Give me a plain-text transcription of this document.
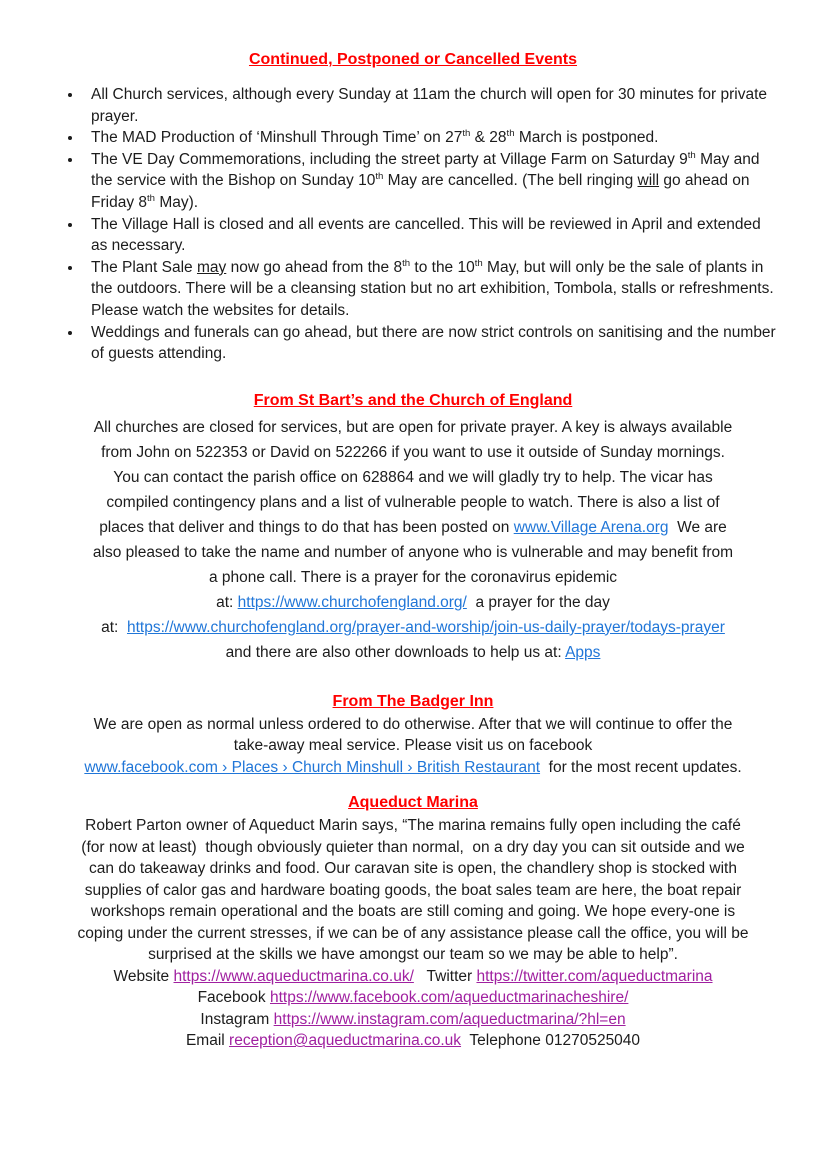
Continued, Postponed or Cancelled Events
• All Church services, although every Sunday at 11am the church will open for 30 minutes for private prayer.
• The MAD Production of ‘Minshull Through Time’ on 27th & 28th March is postponed.
• The VE Day Commemorations, including the street party at Village Farm on Saturday 9th May and the service with the Bishop on Sunday 10th May are cancelled. (The bell ringing will go ahead on Friday 8th May).
• The Village Hall is closed and all events are cancelled. This will be reviewed in April and extended as necessary.
• The Plant Sale may now go ahead from the 8th to the 10th May, but will only be the sale of plants in the outdoors. There will be a cleansing station but no art exhibition, Tombola, stalls or refreshments. Please watch the websites for details.
• Weddings and funerals can go ahead, but there are now strict controls on sanitising and the number of guests attending.
From St Bart’s and the Church of England
All churches are closed for services, but are open for private prayer. A key is always available
from John on 522353 or David on 522266 if you want to use it outside of Sunday mornings.
You can contact the parish office on 628864 and we will gladly try to help. The vicar has
compiled contingency plans and a list of vulnerable people to watch. There is also a list of
places that deliver and things to do that has been posted on www.Village Arena.org  We are
also pleased to take the name and number of anyone who is vulnerable and may benefit from
a phone call. There is a prayer for the coronavirus epidemic
at: https://www.churchofengland.org/  a prayer for the day
at:  https://www.churchofengland.org/prayer-and-worship/join-us-daily-prayer/todays-prayer
and there are also other downloads to help us at: Apps
From The Badger Inn
We are open as normal unless ordered to do otherwise. After that we will continue to offer the
take-away meal service. Please visit us on facebook
www.facebook.com › Places › Church Minshull › British Restaurant  for the most recent updates.
Aqueduct Marina
Robert Parton owner of Aqueduct Marin says, “The marina remains fully open including the café
(for now at least)  though obviously quieter than normal,  on a dry day you can sit outside and we
can do takeaway drinks and food. Our caravan site is open, the chandlery shop is stocked with
supplies of calor gas and hardware boating goods, the boat sales team are here, the boat repair
workshops remain operational and the boats are still coming and going. We hope every-one is
coping under the current stresses, if we can be of any assistance please call the office, you will be
surprised at the skills we have amongst our team so we may be able to help”.
Website https://www.aqueductmarina.co.uk/   Twitter https://twitter.com/aqueductmarina
Facebook https://www.facebook.com/aqueductmarinacheshire/
Instagram https://www.instagram.com/aqueductmarina/?hl=en
Email reception@aqueductmarina.co.uk  Telephone 01270525040
